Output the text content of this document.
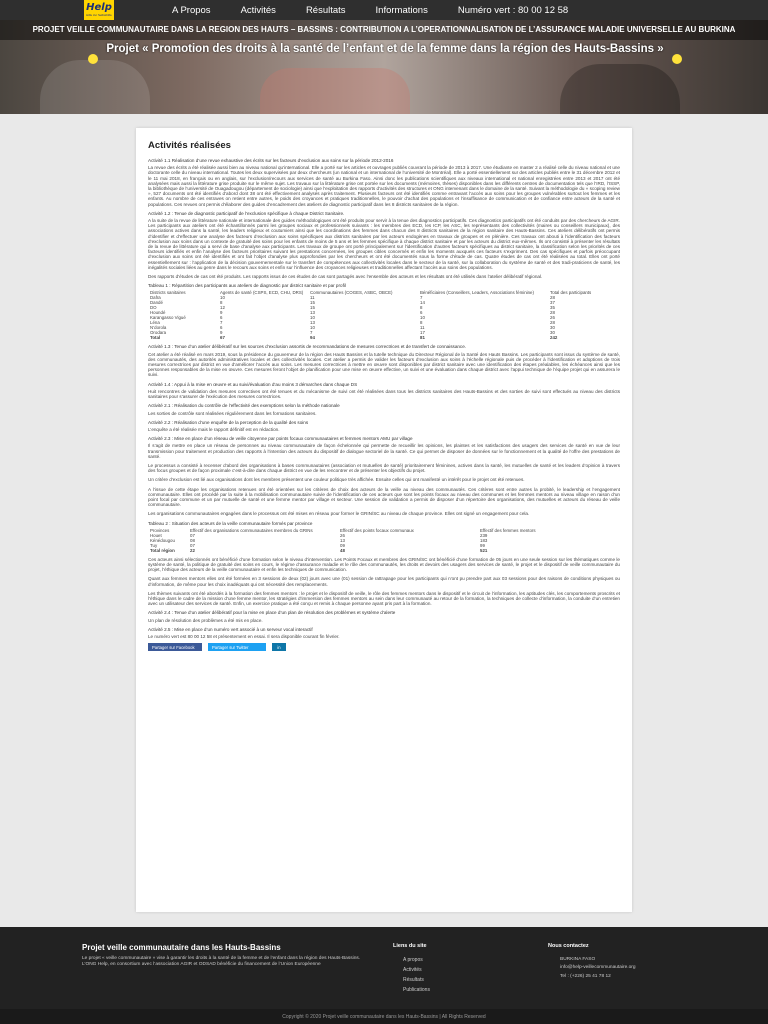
Help
Hilfe zur Selbsthilfe	A Propos	Activités	Résultats	Informations	Numéro vert : 80 00 12 58
PROJET VEILLE COMMUNAUTAIRE DANS LA REGION DES HAUTS – BASSINS : CONTRIBUTION A L’OPERATIONNALISATION DE L’ASSURANCE MALADIE UNIVERSELLE AU BURKINA
Projet « Promotion des droits à la santé de l’enfant et de la femme dans la région des Hauts-Bassins »
Activités réalisées

Activité 1.1 Réalisation d’une revue exhaustive des écrits sur les facteurs d’exclusion aux soins sur la période 2012-2016

La revue des écrits a été réalisée aussi bien au niveau national qu’international. Elle a porté sur les articles et ouvrages publiés couvrant la période de 2013 à 2017. Une étudiante en master 2 a réalisé celle du niveau national et une doctorante celle du niveau international. Toutes les deux supervisées par deux chercheurs (un national et un international de l’université de Montréal). Elle a porté essentiellement sur des articles publiés entre le 31 décembre 2012 et le 11 mai 2018, en français ou en anglais, sur l’exclusion/recours aux services de santé au Burkina Faso. Ainsi donc les publications scientifiques aux niveaux international et national enregistrées entre 2013 et 2017 ont été analysées mais aussi la littérature grise produite sur le même sujet. Les travaux sur la littérature grise ont portée sur les documents (mémoires, thèses) disponibles dans les différents centres de documentation tels que l’IRD, l’ISSP, la bibliothèque de l’université de Ouagadougou (département de sociologie) ainsi que l’exploitation des rapports d’activités des structures et ONG intervenant dans le domaine de la santé. Suivant la méthodologie du « scoping review », 527 documents ont été identifiés d’abord dont 38 ont été effectivement analysés après traitement. Plusieurs facteurs ont été identifiés comme entravant l’accès aux soins pour les groupes vulnérables surtout les femmes et les enfants. Au nombre de ces entraves on retient entre autres, le poids des croyances et pratiques traditionnelles, le pouvoir d’achat des populations et l’insuffisance de communication et de confiance entre acteurs de la santé et populations. Ces revues ont permis d’élaborer des guides d’encadrement des ateliers de diagnostic participatif dans les 8 districts sanitaires de la région.

Activité 1.2 : Tenue de diagnostic participatif de l’exclusion spécifique à chaque District Sanitaire.

A la suite de la revue de littérature nationale et internationale des guides méthodologiques ont été produits pour servir à la tenue des diagnostics participatifs. Ces diagnostics participatifs ont été conduits par des chercheurs de AGIR. Les participants aux ateliers ont été échantillonnés parmi les groupes sociaux et professionnels suivants : les membres des ECD, les ICP, les ASC, les représentants des collectivités (maires ou conseillers municipaux), des associations actives dans la santé, les leaders religieux et coutumiers ainsi que les coordinations des femmes dans chacun des 8 districts sanitaires de la région sanitaire des Hauts-Bassins. Ces ateliers délibératifs ont permis d’identifier et d’effectuer une analyse des facteurs d’exclusion aux soins spécifiques aux districts sanitaires par les acteurs endogènes en travaux de groupes et en plénière. Ces travaux ont abouti à l’identification des facteurs d’exclusion aux soins dans un contexte de gratuité des soins pour les enfants de moins de 5 ans et les femmes spécifique à chaque district sanitaire et par les acteurs du district eux-mêmes. Ils ont consisté à présenter les résultats de la revue de littérature qui a servi de base d’analyse aux participants. Les travaux de groupe ont porté principalement sur l’identification d’autres facteurs spécifiques au district sanitaire, la classification selon les priorités de ces facteurs identifiés et enfin l’analyse des facteurs prioritaires suivant les prestations concernées, les groupes cibles concernés et enfin les moments auxquels ces facteurs s’expriment. Des cas spécifiques et parfois préoccupant d’exclusion aux soins ont été identifiés et ont fait l’objet d’analyse plus approfondies par les chercheurs et ont été documentés sous la forme d’étude de cas. Quatre études de cas ont été réalisées au total. Elles ont porté essentiellement sur : l’application de la décision gouvernementale sur le transfert de compétences aux collectivités locales dans le secteur de la santé, sur la collaboration du système de santé et des tradi-praticiens de santé, les inégalités sociales liées au genre dans le recours aux soins et enfin sur l’influence des croyances religieuses et traditionnelles affectant l’accès aux soins des populations.

Des rapports d’études de cas ont été produits. Les rapports issus de ces études de cas sont partagés avec l’ensemble des acteurs et les résultats ont été utilisés dans l’atelier délibératif régional.

Tableau 1 : Répartition des participants aux ateliers de diagnostic par district sanitaire et par profil

Districts sanitaires	Agents de santé (CSPS, ECD, CHU, DRS)	Communautaires (COGES, ASBC, OBCE)	Bénéficiaires (Conseillers, Leaders, Associations féminine)	Total des participants
Dafra	10	11	7	28
Dandé	8	15	14	37
DO	12	15	8	35
Houndé	9	13	6	28
Karangasso Vigué	6	10	10	26
Léna	7	13	8	28
N’dorola	6	10	11	30
Orodara	9	7	17	30
Total	67	94	81	242

Activité 1.3 : Tenue d’un atelier délibératif sur les sources d’exclusion assortis de recommandations de mesures correctrices et de transfert de connaissance.

Cet atelier a été réalisé en mars 2019, sous la présidence du gouverneur de la région des Hauts Bassins et la tutelle technique du Directeur Régional de la Santé des Hauts Bassins. Les participants sont issus du système de santé, des communautés, des autorités administratives locales et des collectivités locales. Cet atelier a permis de valider les facteurs d’exclusion aux soins à l’échelle régionale puis de procéder à l’identification et adoptions de trois mesures correctrices par district en vue d’améliorer l’accès aux soins. Les mesures correctrices à mettre en œuvre sont disponibles par district sanitaire avec une identification des étapes préalables, les échéances ainsi que les personnes responsables de la mise en œuvre. Ces mesures feront l’objet de planification pour une mise en œuvre effective, un suivi et une évaluation dans chaque district avec l’appui technique de l’équipe projet qui en assurera le suivi.

Activité 1.4 : Appui à la mise en œuvre et au suivi/évaluation d’au moins 3 démarches dans chaque DS

Huit rencontres de validation des mesures correctives ont été tenues et du mécanisme de suivi ont été réalisées dans tous les districts sanitaires des Hauts-Bassins et des sorties de suivi sont effectués au niveau des districts sanitaires pour s’assurer de l’exécution des mesures correctrices.

Activité 2.1 : Réalisation du contrôle de l’effectivité des exemptions selon la méthode nationale

Les sorties de contrôle sont réalisées régulièrement dans les formations sanitaires.

Activité 2.2 : Réalisation d’une enquête de la perception de la qualité des soins

L’enquête a été réalisée mais le rapport définitif est en rédaction.

Activité 2.3 : Mise en place d’un réseau de veille citoyenne par points focaux communautaires et femmes mentors AMU par village

Il s’agit de mettre en place un réseau de personnes au niveau communautaire de façon échelonnée qui permette de recueillir les opinions, les plaintes et les satisfactions des usagers des services de santé en vue de leur transmission pour traitement et production des rapports à l’intention des acteurs du dispositif de dialogue sectoriel de la santé. Ce qui permet de disposer de données sur le fonctionnement et la qualité de l’offre des prestations de santé.

Le processus a consisté à recenser d’abord des organisations à bases communautaires (association et mutuelles de santé) prioritairement féminines, actives dans la santé, les mutuelles de santé et les leaders d’opinion à travers des focus groupes et de façon proximale c’est-à-dire dans chaque district en vue de les rencontrer et de présenter les objectifs du projet.

Un critère d’exclusion est lié aux organisations dont les membres présentent une couleur politique très affichée. Ensuite celles qui ont manifesté un intérêt pour le projet ont été retenues.

A l’issue de cette étape les organisations retenues ont été orientées sur les critères de choix des acteurs de la veille au niveau des communautés. Ces critères sont entre autres la probité, le leadership et l’engagement communautaire. Elles ont procédé par la suite à la mobilisation communautaire suivie de l’identification de ces acteurs que sont les points focaux au niveau des communes et les femmes mentors au niveau village en raison d’un point focal par commune et un par mutuelle de santé et une femme mentor par village et secteur. Une session de validation a permis de disposer d’un répertoire des organisations, des mutuelles et acteurs du réseau de veille communautaire.

Les organisations communautaires engagées dans le processus ont été mises en réseau pour former le GRIN/SC au niveau de chaque province. Elles ont signé un engagement pour cela.

Tableau 2 : Situation des acteurs de la veille communautaire formés par province

Provinces	Effectif des organisations communautaires membres du GRINs	Effectif des points focaux communaux	Effectif des femmes mentors
Houet	07	26	239
Kénédougou	08	13	183
Tuy	07	09	99
Total région	22	48	521

Ces acteurs ainsi sélectionnés ont bénéficié d’une formation selon le niveau d’intervention. Les Points Focaux et membres des GRIN/SC ont bénéficié d’une formation de 05 jours en une seule session sur les thématiques comme le système de santé, la politique de gratuité des soins en cours, le régime d’assurance maladie et le rôle des communautés, les droits et devoirs des usagers des services de santé, le projet et le dispositif de veille communautaire du projet, l’éthique des acteurs de la veille communautaire et enfin les techniques de communication.

Quant aux femmes mentors elles ont été formées en 3 sessions de deux (02) jours avec une (01) session de rattrapage pour les participants qui n’ont pu prendre part aux 03 sessions pour des raisons de conditions physiques ou d’information, de même pour les choix inadéquats qui ont nécessité des remplacements.

Les thèmes suivants ont été abordés à la formation des femmes mentors : le projet et le dispositif de veille, le rôle des femmes mentors dans le dispositif et le circuit de l’information, les aptitudes clés, les comportements proscrits et l’éthique dans le cadre de la mission d’une femme mentor, les stratégies d’immersion des femmes mentors au sein dans leur communauté au retour de la formation, la techniques de collecte d’information, la conduite d’un entretien avec un utilisateur des services de santé. Enfin, un exercice pratique a été conçu et remis à chaque personne ayant pris part à la formation.

Activité 2.4 : Tenue d’un atelier délibératif pour la mise en place d’un plan de résolution des problèmes et système d’alerte

Un plan de résolution des problèmes a été mis en place.

Activité 2.5 : Mise en place d’un numéro vert associé à un serveur vocal interactif

Le numéro vert est 80 00 12 58 et présentement en essai. Il sera disponible courant fin février.

Partager sur Facebook	Partager sur Twitter	in
Projet veille communautaire dans les Hauts-Bassins
Le projet « veille communautaire » vise à garantir les droits à la santé de la femme et de l’enfant dans la région des Hauts-Bassins. L’ONG Help, en consortium avec l’association AGIR et ODSAD bénéficie du financement de l’Union Européenne
Liens du site
A propos
Activités
Résultats
Publications
Nous contactez
BURKINA FASO
info@help-veillecommunautaire.org
Tel : (+226) 25 41 78 12
Copyright © 2020 Projet veille communautaire dans les Hauts-Bassins | All Rights Reserved
